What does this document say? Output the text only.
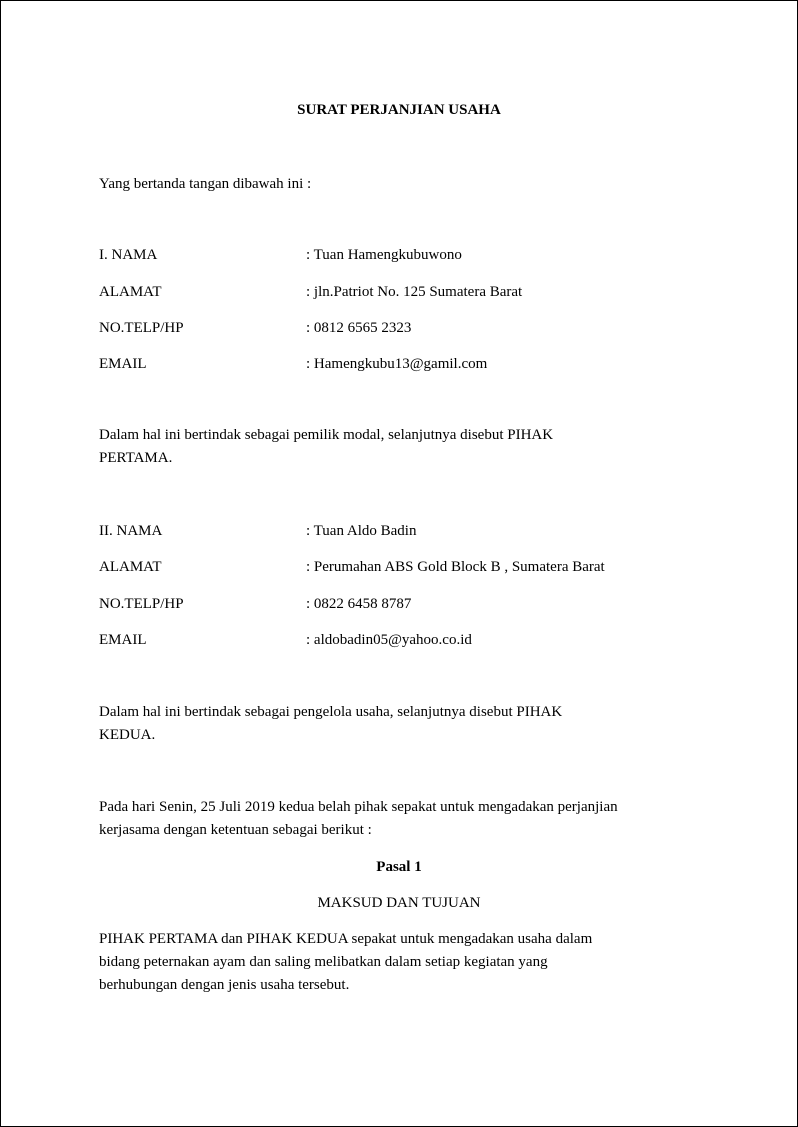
SURAT PERJANJIAN USAHA
Yang bertanda tangan dibawah ini :
I. NAMA	: Tuan Hamengkubuwono
ALAMAT	: jln.Patriot No. 125 Sumatera Barat
NO.TELP/HP	: 0812 6565 2323
EMAIL	: Hamengkubu13@gamil.com
Dalam hal ini bertindak sebagai pemilik modal, selanjutnya disebut PIHAK
PERTAMA.
II. NAMA	: Tuan Aldo Badin
ALAMAT	: Perumahan ABS Gold Block B , Sumatera Barat
NO.TELP/HP	: 0822 6458 8787
EMAIL	: aldobadin05@yahoo.co.id
Dalam hal ini bertindak sebagai pengelola usaha, selanjutnya disebut PIHAK
KEDUA.
Pada hari Senin, 25 Juli 2019 kedua belah pihak sepakat untuk mengadakan perjanjian
kerjasama dengan ketentuan sebagai berikut :
Pasal 1
MAKSUD DAN TUJUAN
PIHAK PERTAMA dan PIHAK KEDUA sepakat untuk mengadakan usaha dalam
bidang peternakan ayam dan saling melibatkan dalam setiap kegiatan yang
berhubungan dengan jenis usaha tersebut.
